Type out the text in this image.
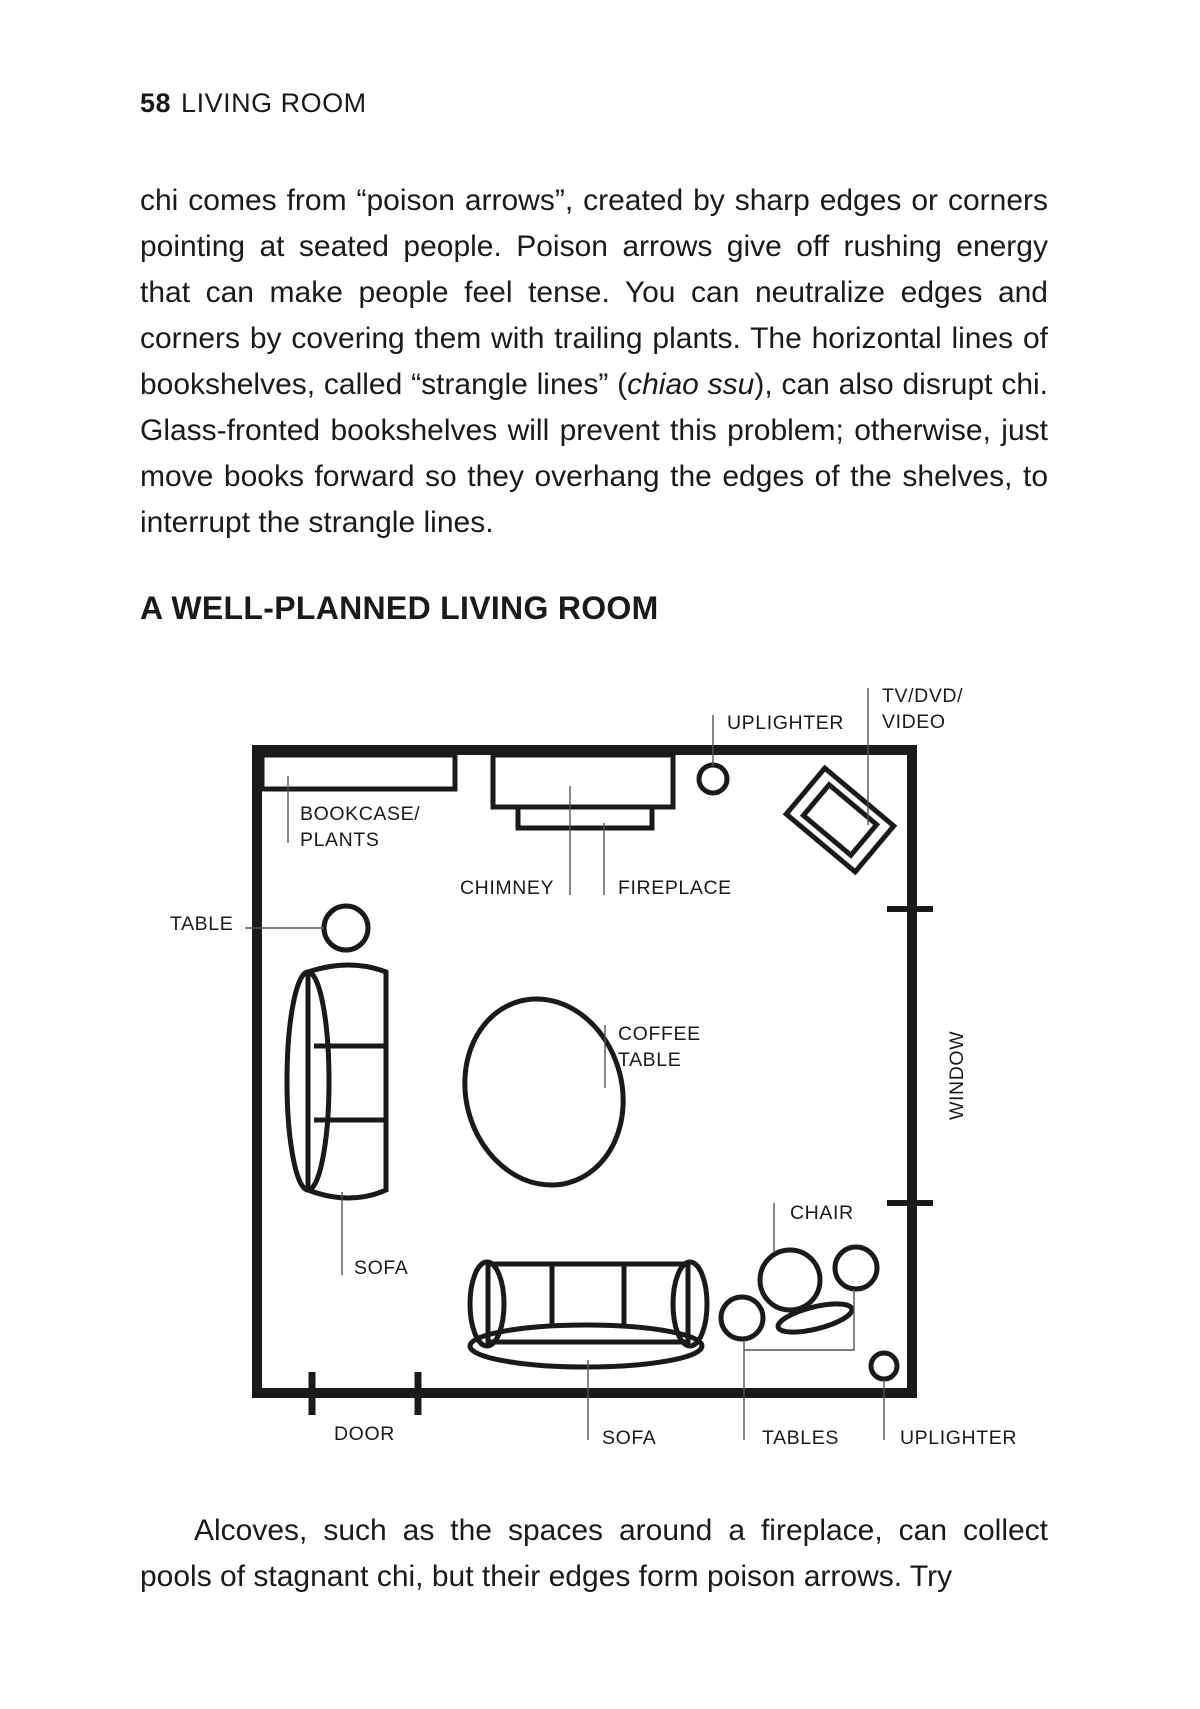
58 LIVING ROOM

chi comes from “poison arrows”, created by sharp edges or corners pointing at seated people. Poison arrows give off rushing energy that can make people feel tense. You can neutralize edges and corners by covering them with trailing plants. The horizontal lines of bookshelves, called “strangle lines” (chiao ssu), can also disrupt chi. Glass-fronted bookshelves will prevent this problem; otherwise, just move books forward so they overhang the edges of the shelves, to interrupt the strangle lines.

A WELL-PLANNED LIVING ROOM
UPLIGHTER
TV/DVD/
VIDEO
BOOKCASE/
PLANTS
CHIMNEY	FIREPLACE
TABLE
COFFEE
TABLE	WINDOW
CHAIR
SOFA
DOOR	SOFA	TABLES	UPLIGHTER

Alcoves, such as the spaces around a fireplace, can collect pools of stagnant chi, but their edges form poison arrows. Try
